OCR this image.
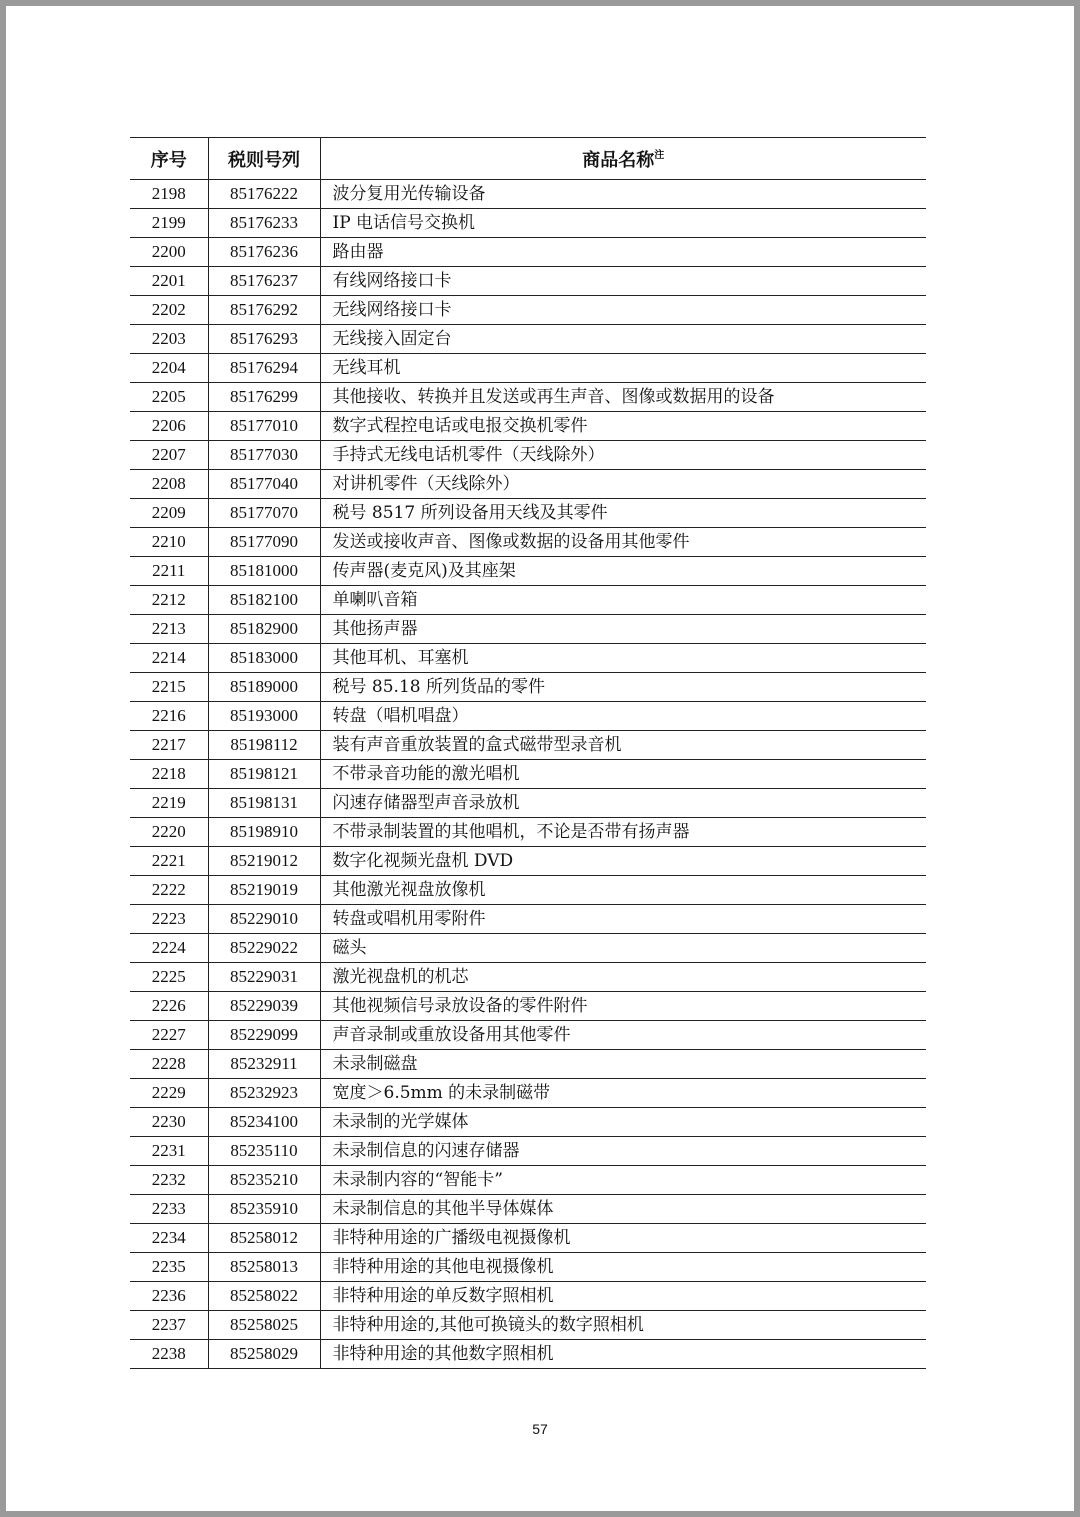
序号	税则号列	商品名称$^注$
2198	85176222	波分复用光传输设备
2199	85176233	IP 电话信号交换机
2200	85176236	路由器
2201	85176237	有线网络接口卡
2202	85176292	无线网络接口卡
2203	85176293	无线接入固定台
2204	85176294	无线耳机
2205	85176299	其他接收、转换并且发送或再生声音、图像或数据用的设备
2206	85177010	数字式程控电话或电报交换机零件
2207	85177030	手持式无线电话机零件（天线除外）
2208	85177040	对讲机零件（天线除外）
2209	85177070	税号 8517 所列设备用天线及其零件
2210	85177090	发送或接收声音、图像或数据的设备用其他零件
2211	85181000	传声器(麦克风)及其座架
2212	85182100	单喇叭音箱
2213	85182900	其他扬声器
2214	85183000	其他耳机、耳塞机
2215	85189000	税号 85.18 所列货品的零件
2216	85193000	转盘（唱机唱盘）
2217	85198112	装有声音重放装置的盒式磁带型录音机
2218	85198121	不带录音功能的激光唱机
2219	85198131	闪速存储器型声音录放机
2220	85198910	不带录制装置的其他唱机，不论是否带有扬声器
2221	85219012	数字化视频光盘机 DVD
2222	85219019	其他激光视盘放像机
2223	85229010	转盘或唱机用零附件
2224	85229022	磁头
2225	85229031	激光视盘机的机芯
2226	85229039	其他视频信号录放设备的零件附件
2227	85229099	声音录制或重放设备用其他零件
2228	85232911	未录制磁盘
2229	85232923	宽度＞6.5mm 的未录制磁带
2230	85234100	未录制的光学媒体
2231	85235110	未录制信息的闪速存储器
2232	85235210	未录制内容的“智能卡”
2233	85235910	未录制信息的其他半导体媒体
2234	85258012	非特种用途的广播级电视摄像机
2235	85258013	非特种用途的其他电视摄像机
2236	85258022	非特种用途的单反数字照相机
2237	85258025	非特种用途的,其他可换镜头的数字照相机
2238	85258029	非特种用途的其他数字照相机
57
